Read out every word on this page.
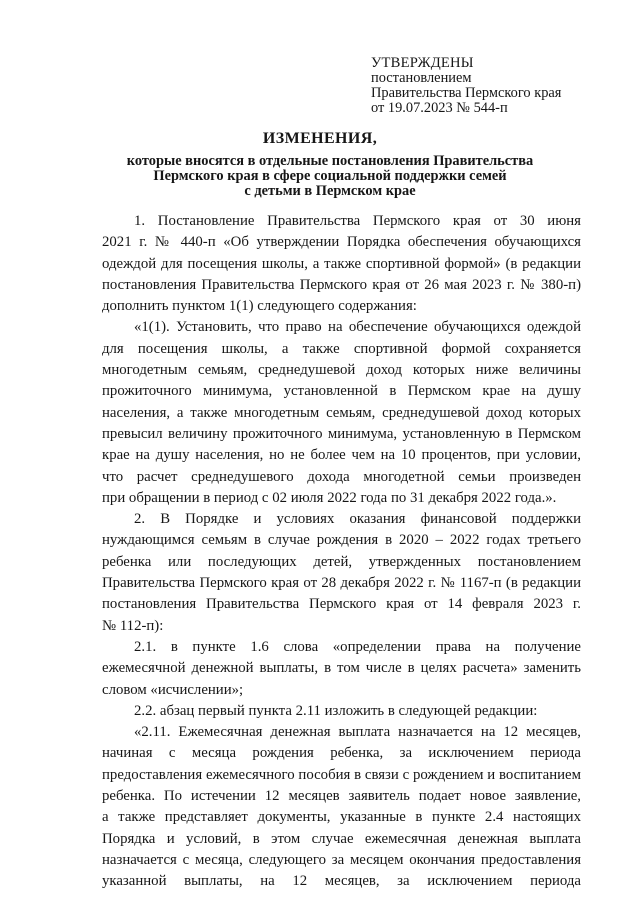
УТВЕРЖДЕНЫ
постановлением
Правительства Пермского края
от 19.07.2023 № 544-п
ИЗМЕНЕНИЯ,
которые вносятся в отдельные постановления Правительства
Пермского края в сфере социальной поддержки семей
с детьми в Пермском крае
1. Постановление Правительства Пермского края от 30 июня
2021 г. № 440-п «Об утверждении Порядка обеспечения обучающихся
одеждой для посещения школы, а также спортивной формой» (в редакции
постановления Правительства Пермского края от 26 мая 2023 г. № 380-п)
дополнить пунктом 1(1) следующего содержания:
«1(1). Установить, что право на обеспечение обучающихся одеждой
для посещения школы, а также спортивной формой сохраняется
многодетным семьям, среднедушевой доход которых ниже величины
прожиточного минимума, установленной в Пермском крае на душу
населения, а также многодетным семьям, среднедушевой доход которых
превысил величину прожиточного минимума, установленную в Пермском
крае на душу населения, но не более чем на 10 процентов, при условии,
что расчет среднедушевого дохода многодетной семьи произведен
при обращении в период с 02 июля 2022 года по 31 декабря 2022 года.».
2. В Порядке и условиях оказания финансовой поддержки
нуждающимся семьям в случае рождения в 2020 – 2022 годах третьего
ребенка или последующих детей, утвержденных постановлением
Правительства Пермского края от 28 декабря 2022 г. № 1167-п (в редакции
постановления Правительства Пермского края от 14 февраля 2023 г.
№ 112-п):
2.1. в пункте 1.6 слова «определении права на получение
ежемесячной денежной выплаты, в том числе в целях расчета» заменить
словом «исчислении»;
2.2. абзац первый пункта 2.11 изложить в следующей редакции:
«2.11. Ежемесячная денежная выплата назначается на 12 месяцев,
начиная с месяца рождения ребенка, за исключением периода
предоставления ежемесячного пособия в связи с рождением и воспитанием
ребенка. По истечении 12 месяцев заявитель подает новое заявление,
а также представляет документы, указанные в пункте 2.4 настоящих
Порядка и условий, в этом случае ежемесячная денежная выплата
назначается с месяца, следующего за месяцем окончания предоставления
указанной выплаты, на 12 месяцев, за исключением периода
